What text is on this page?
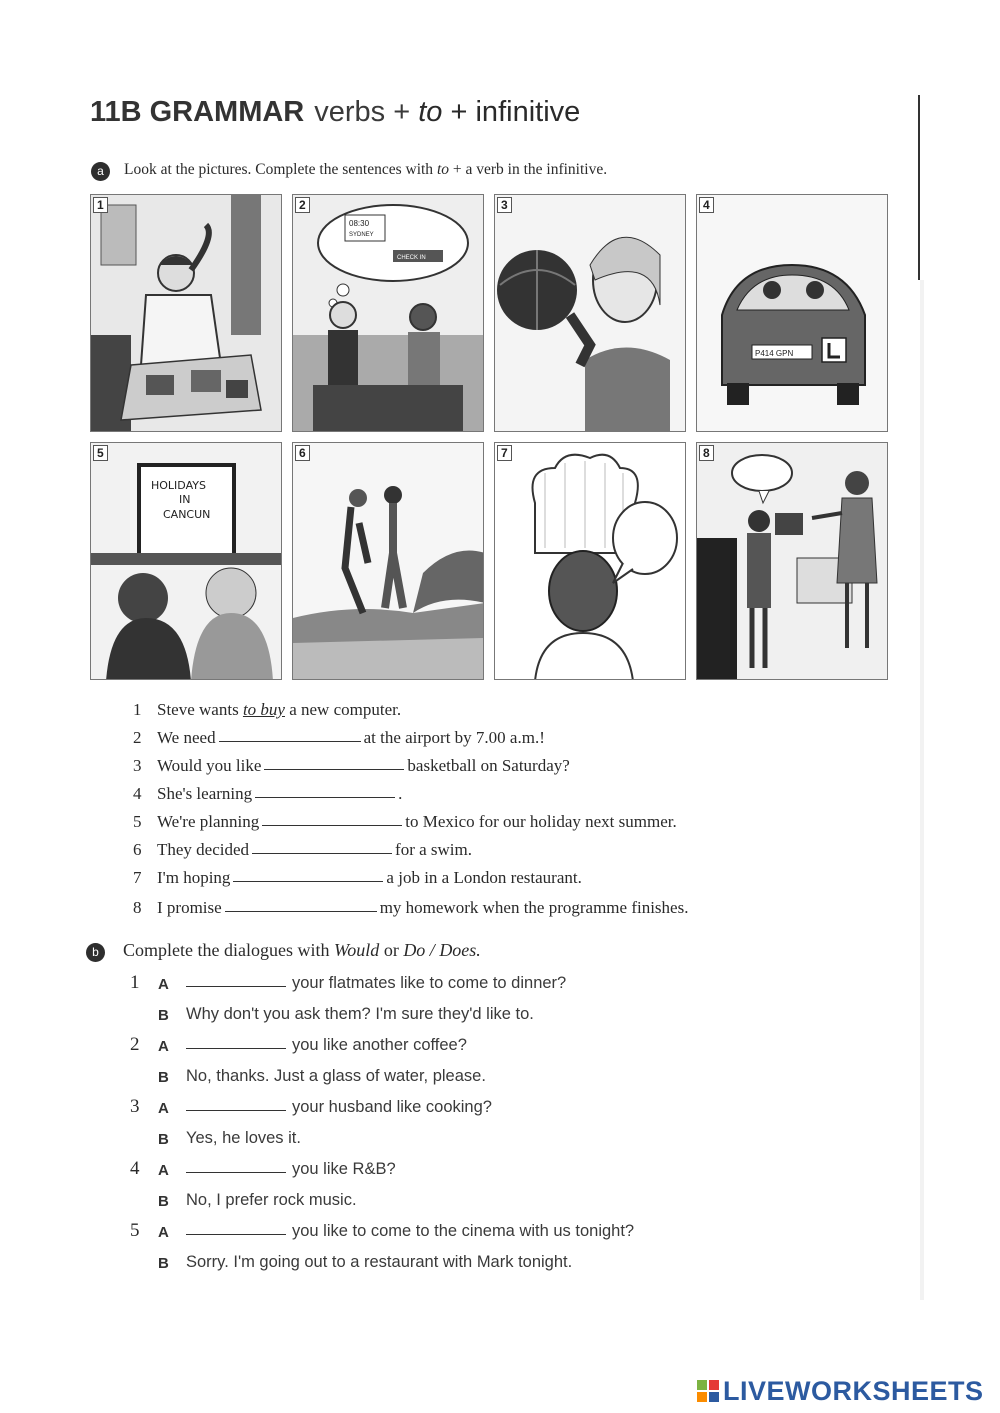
11B GRAMMAR verbs + to + infinitive
a	Look at the pictures. Complete the sentences with to + a verb in the infinitive.
1	2
08:30
SYDNEY
CHECK IN
3	4
P414 GPN
5
HOLIDAYS
IN
CANCUN
6	7	8
1 Steve wants to buy a new computer.
2 We need	at the airport by 7.00 a.m.!
3 Would you like	basketball on Saturday?
4 She's learning	.
5 We're planning	to Mexico for our holiday next summer.
6 They decided	for a swim.
7 I'm hoping	a job in a London restaurant.
8 I promise	my homework when the programme finishes.
b	Complete the dialogues with Would or Do / Does.
1 A	your flatmates like to come to dinner?
B Why don't you ask them? I'm sure they'd like to.
2 A	you like another coffee?
B No, thanks. Just a glass of water, please.
3 A	your husband like cooking?
B Yes, he loves it.
4 A	you like R&B?
B No, I prefer rock music.
5 A	you like to come to the cinema with us tonight?
B Sorry. I'm going out to a restaurant with Mark tonight.
LIVEWORKSHEETS
